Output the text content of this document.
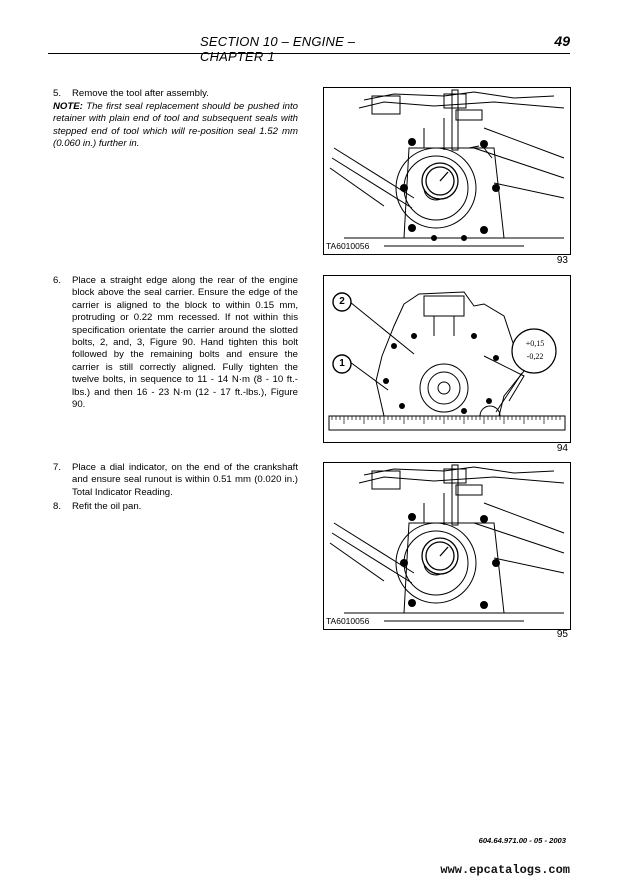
SECTION 10 – ENGINE – CHAPTER 1
49
5. Remove the tool after assembly.
NOTE: The first seal replacement should be pushed into retainer with plain end of tool and subsequent seals with stepped end of tool which will re-position seal 1.52 mm (0.060 in.) further in.
TA6010056
93
6. Place a straight edge along the rear of the engine block above the seal carrier. Ensure the edge of the carrier is aligned to the block to within 0.15 mm, protruding or 0.22 mm recessed. If not within this specification orientate the carrier around the slotted bolts, 2, and, 3, Figure 90. Hand tighten this bolt followed by the remaining bolts and ensure the carrier is still correctly aligned. Fully tighten the twelve bolts, in sequence to 11 - 14 N·m (8 - 10 ft.-lbs.) and then 16 - 23 N·m (12 - 17 ft.-lbs.), Figure 90.
2
1
+0,15
-0,22
94
7. Place a dial indicator, on the end of the crankshaft and ensure seal runout is within 0.51 mm (0.020 in.) Total Indicator Reading.
8. Refit the oil pan.
TA6010056
95
604.64.971.00 - 05 - 2003
www.epcatalogs.com
